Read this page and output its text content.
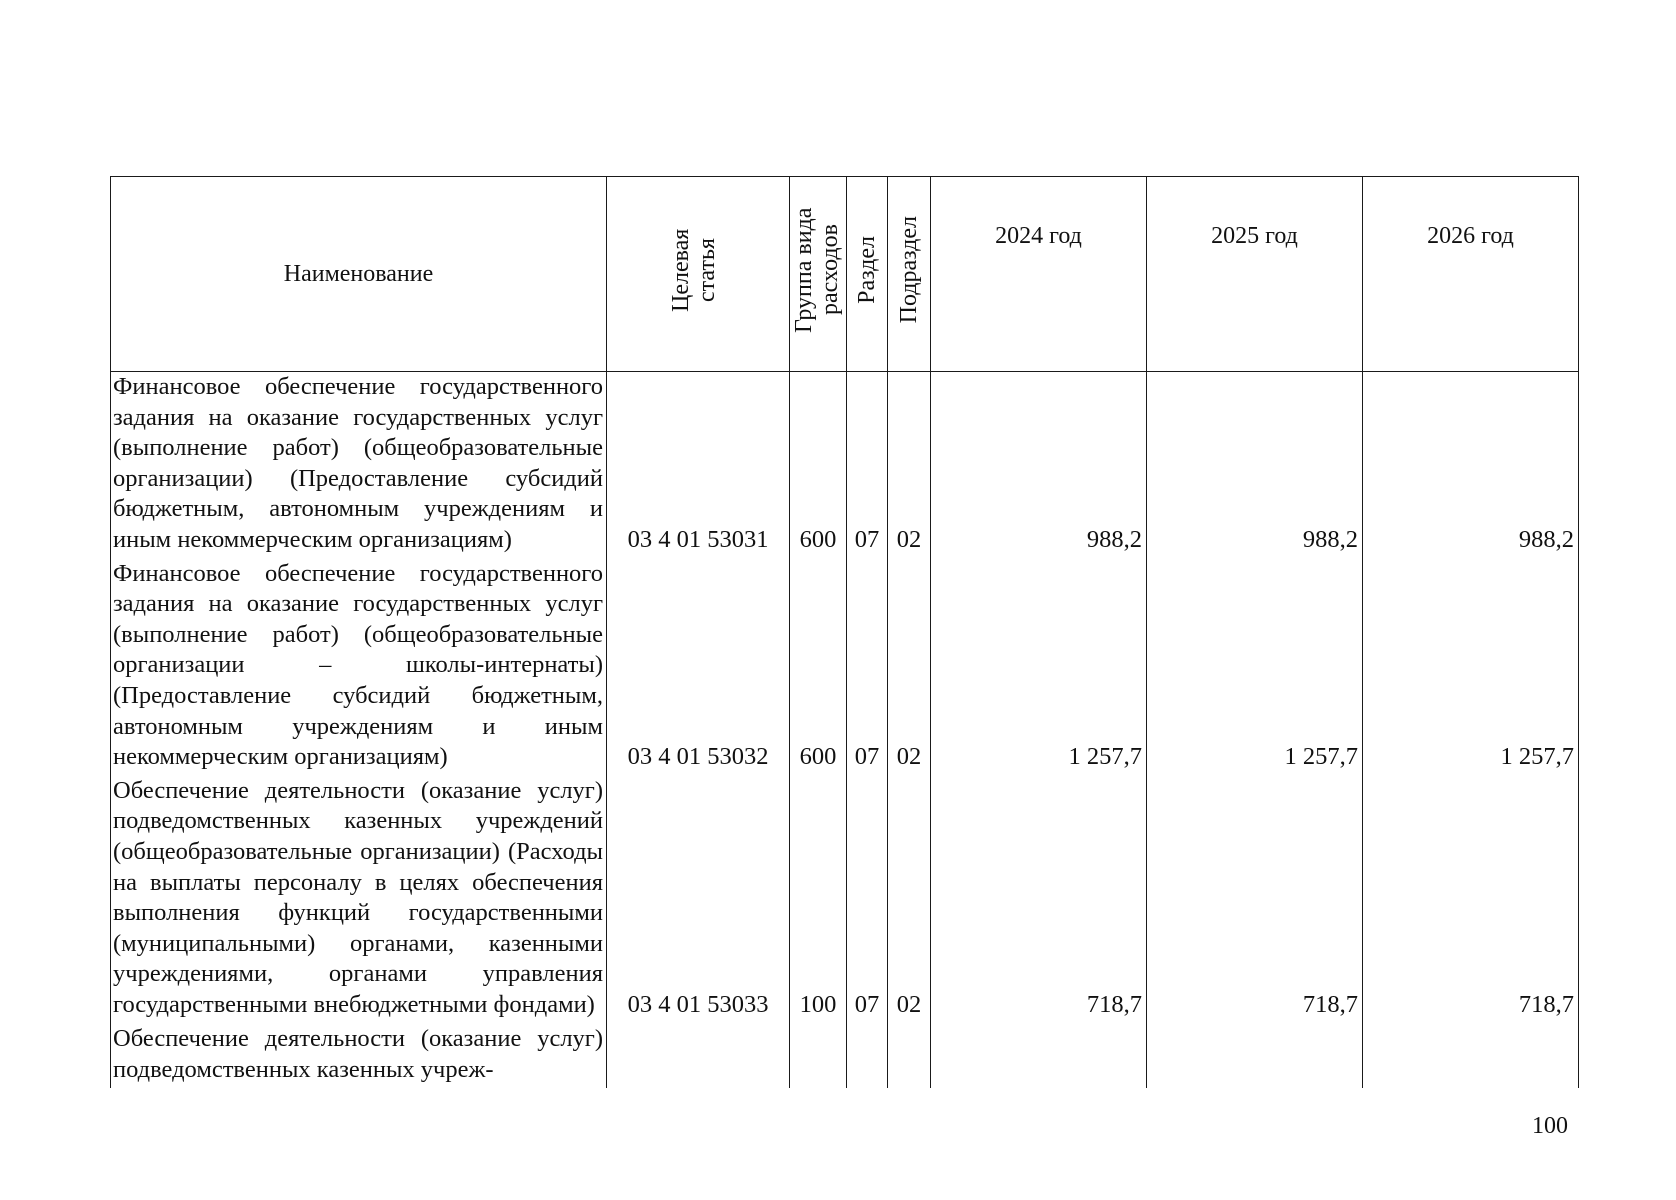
Наименование	Целевая статья	Группа вида расходов	Раздел	Подраздел	2024 год	2025 год	2026 год
Финансовое обеспечение государственного задания на оказание государственных услуг (выполнение работ) (общеобразовательные организации) (Предоставление субсидий бюджетным, автономным учреждениям и иным некоммерческим организациям)	03 4 01 53031	600	07	02	988,2	988,2	988,2
Финансовое обеспечение государственного задания на оказание государственных услуг (выполнение работ) (общеобразовательные организации – школы-интернаты) (Предоставление субсидий бюджетным, автономным учреждениям и иным некоммерческим организациям)	03 4 01 53032	600	07	02	1 257,7	1 257,7	1 257,7
Обеспечение деятельности (оказание услуг) подведомственных казенных учреждений (общеобразовательные организации) (Расходы на выплаты персоналу в целях обеспечения выполнения функций государственными (муниципальными) органами, казенными учреждениями, органами управления государственными внебюджетными фондами)	03 4 01 53033	100	07	02	718,7	718,7	718,7
Обеспечение деятельности (оказание услуг) подведомственных казенных учреж-							
100
